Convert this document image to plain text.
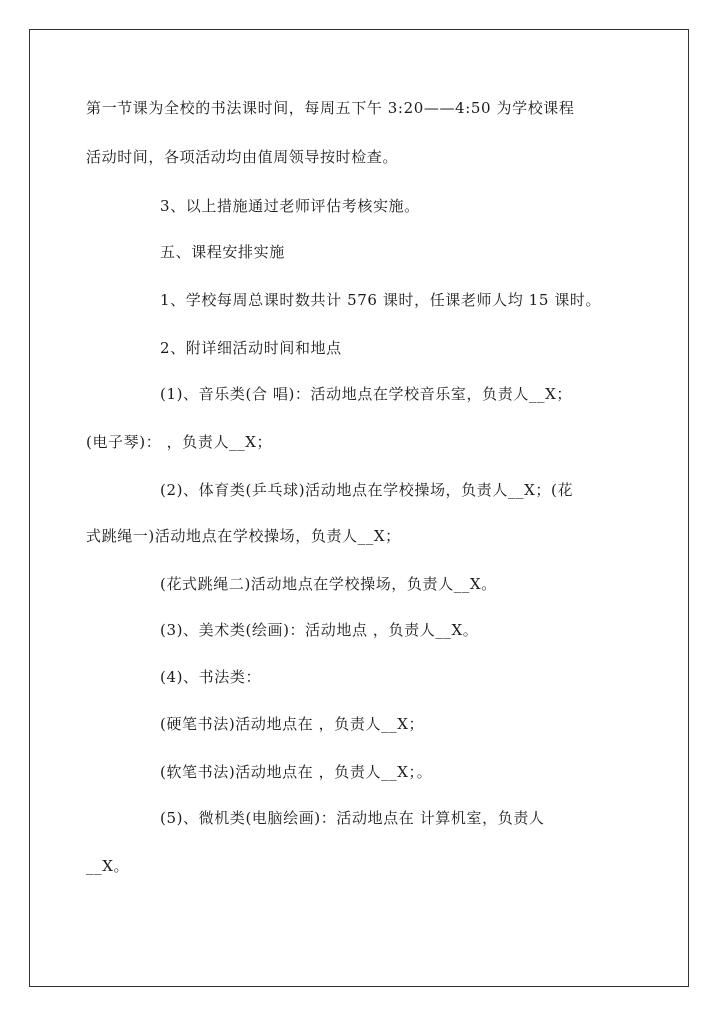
第一节课为全校的书法课时间，每周五下午 3:20——4:50 为学校课程
活动时间，各项活动均由值周领导按时检查。
3、以上措施通过老师评估考核实施。
五、课程安排实施
1、学校每周总课时数共计 576 课时，任课老师人均 15 课时。
2、附详细活动时间和地点
(1)、音乐类(合 唱)：活动地点在学校音乐室，负责人__X；
(电子琴)： ，负责人__X；
(2)、体育类(乒乓球)活动地点在学校操场，负责人__X；(花
式跳绳一)活动地点在学校操场，负责人__X；
(花式跳绳二)活动地点在学校操场，负责人__X。
(3)、美术类(绘画)：活动地点 ，负责人__X。
(4)、书法类：
(硬笔书法)活动地点在 ，负责人__X；
(软笔书法)活动地点在 ，负责人__X；。
(5)、微机类(电脑绘画)：活动地点在 计算机室，负责人
__X。
